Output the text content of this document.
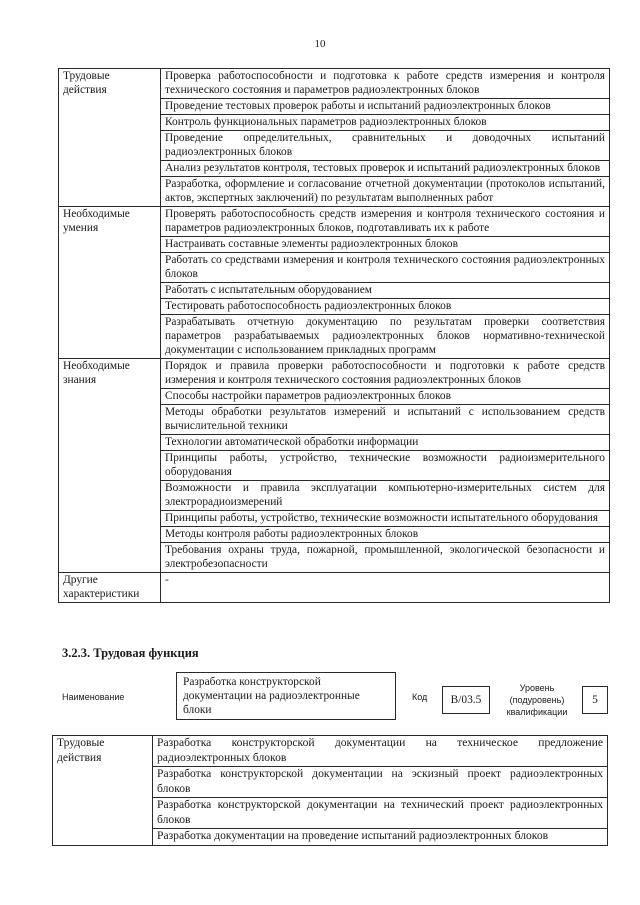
10
Трудовые действия	Проверка работоспособности и подготовка к работе средств измерения и контроля технического состояния и параметров радиоэлектронных блоков
	Проведение тестовых проверок работы и испытаний радиоэлектронных блоков
	Контроль функциональных параметров радиоэлектронных блоков
	Проведение определительных, сравнительных и доводочных испытаний радиоэлектронных блоков
	Анализ результатов контроля, тестовых проверок и испытаний радиоэлектронных блоков
	Разработка, оформление и согласование отчетной документации (протоколов испытаний, актов, экспертных заключений) по результатам выполненных работ
Необходимые умения	Проверять работоспособность средств измерения и контроля технического состояния и параметров радиоэлектронных блоков, подготавливать их к работе
	Настраивать составные элементы радиоэлектронных блоков
	Работать со средствами измерения и контроля технического состояния радиоэлектронных блоков
	Работать с испытательным оборудованием
	Тестировать работоспособность радиоэлектронных блоков
	Разрабатывать отчетную документацию по результатам проверки соответствия параметров разрабатываемых радиоэлектронных блоков нормативно-технической документации с использованием прикладных программ
Необходимые знания	Порядок и правила проверки работоспособности и подготовки к работе средств измерения и контроля технического состояния радиоэлектронных блоков
	Способы настройки параметров радиоэлектронных блоков
	Методы обработки результатов измерений и испытаний с использованием средств вычислительной техники
	Технологии автоматической обработки информации
	Принципы работы, устройство, технические возможности радиоизмерительного оборудования
	Возможности и правила эксплуатации компьютерно-измерительных систем для электрорадиоизмерений
	Принципы работы, устройство, технические возможности испытательного оборудования
	Методы контроля работы радиоэлектронных блоков
	Требования охраны труда, пожарной, промышленной, экологической безопасности и электробезопасности
Другие характеристики	-
3.2.3. Трудовая функция
Наименование
Разработка конструкторской документации на радиоэлектронные блоки
Код	B/03.5
Уровень (подуровень) квалификации
5
Трудовые действия	Разработка конструкторской документации на техническое предложение радиоэлектронных блоков
Разработка конструкторской документации на эскизный проект радиоэлектронных блоков
Разработка конструкторской документации на технический проект радиоэлектронных блоков
Разработка документации на проведение испытаний радиоэлектронных блоков
